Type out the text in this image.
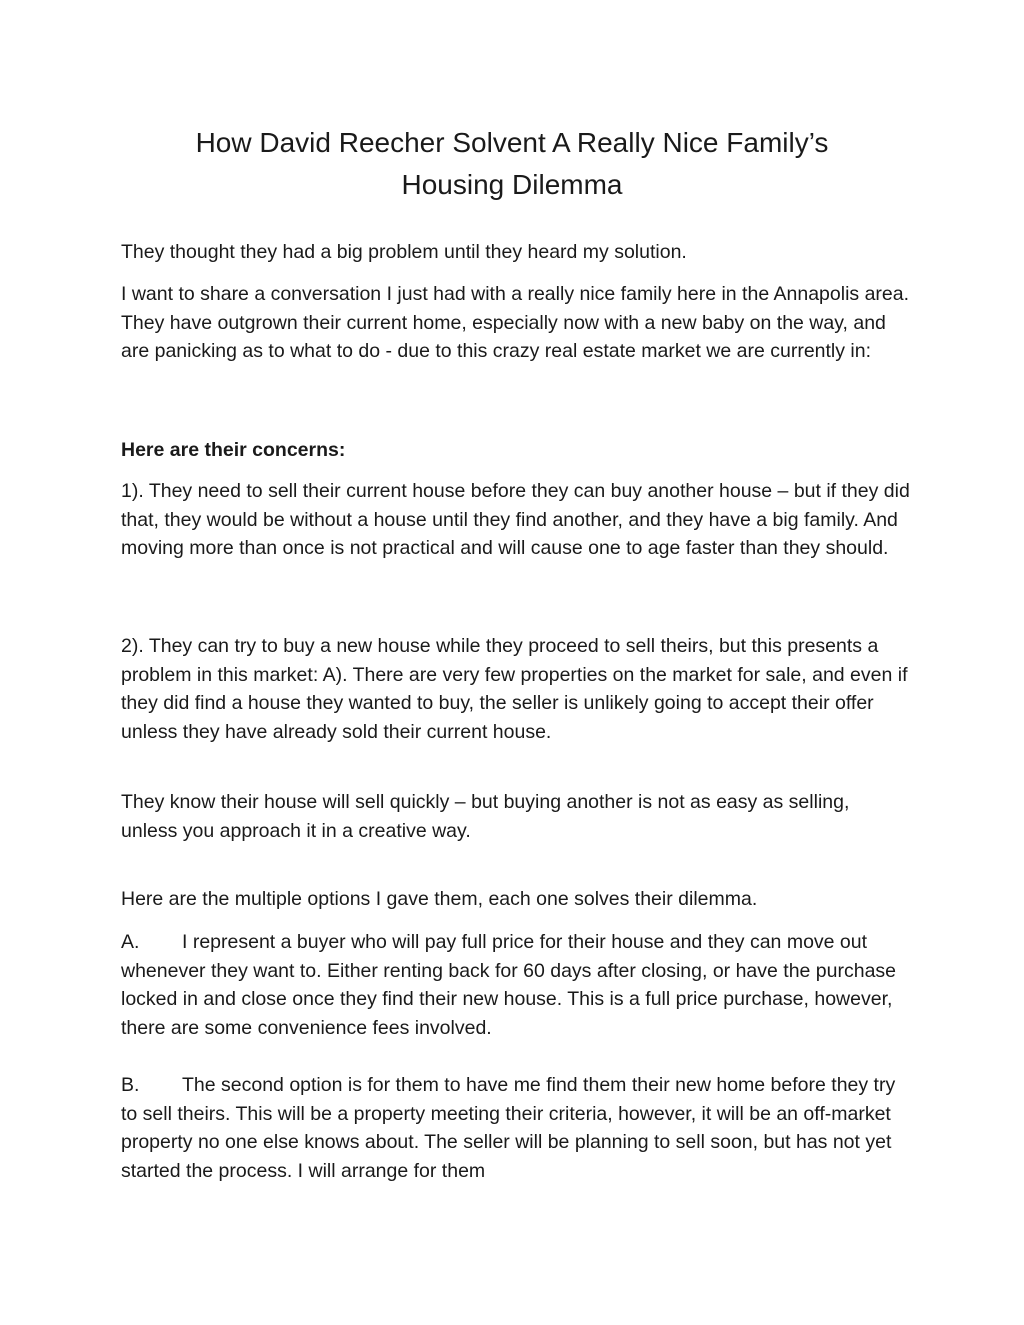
How David Reecher Solvent A Really Nice Family’s
Housing Dilemma

They thought they had a big problem until they heard my solution.

I want to share a conversation I just had with a really nice family here in the Annapolis area. They have outgrown their current home, especially now with a new baby on the way, and are panicking as to what to do - due to this crazy real estate market we are currently in:

Here are their concerns:

1). They need to sell their current house before they can buy another house – but if they did that, they would be without a house until they find another, and they have a big family. And moving more than once is not practical and will cause one to age faster than they should.

2). They can try to buy a new house while they proceed to sell theirs, but this presents a problem in this market: A). There are very few properties on the market for sale, and even if they did find a house they wanted to buy, the seller is unlikely going to accept their offer unless they have already sold their current house.

They know their house will sell quickly – but buying another is not as easy as selling, unless you approach it in a creative way.

Here are the multiple options I gave them, each one solves their dilemma.

A. I represent a buyer who will pay full price for their house and they can move out whenever they want to. Either renting back for 60 days after closing, or have the purchase locked in and close once they find their new house. This is a full price purchase, however, there are some convenience fees involved.

B. The second option is for them to have me find them their new home before they try to sell theirs. This will be a property meeting their criteria, however, it will be an off-market property no one else knows about. The seller will be planning to sell soon, but has not yet started the process. I will arrange for them
